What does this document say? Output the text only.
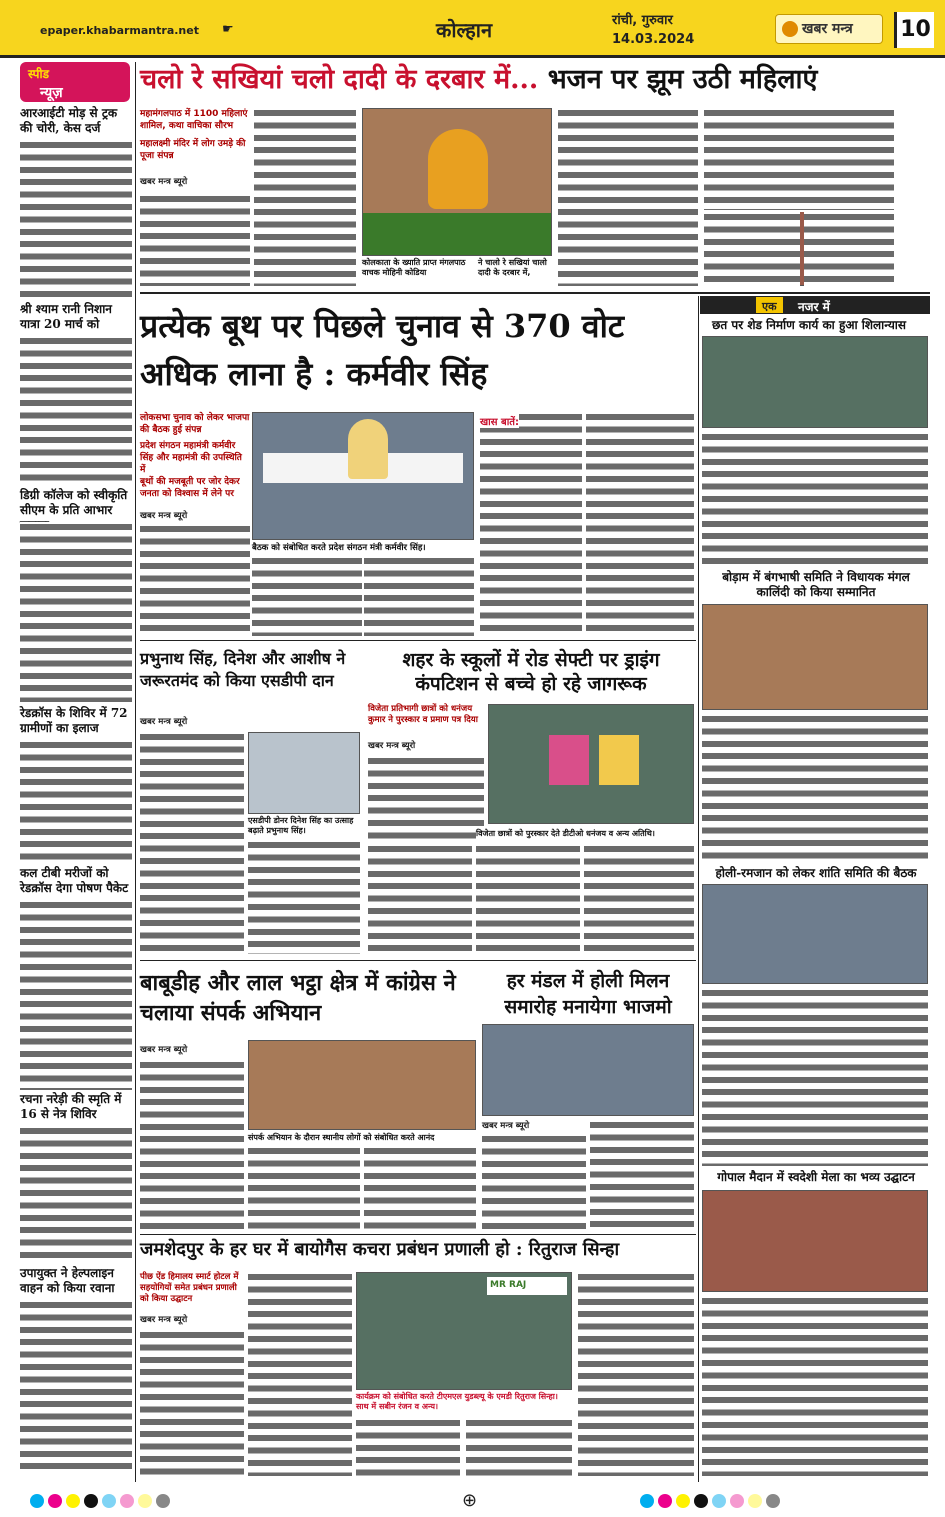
epaper.khabarmantra.net ☛	कोल्हान	रांची, गुरुवार
14.03.2024
खबर मन्त्र	10
स्पीड
न्यूज़
आरआईटी मोड़ से ट्रक की चोरी, केस दर्ज
श्री श्याम रानी निशान यात्रा 20 मार्च को
डिग्री कॉलेज को स्वीकृति सीएम के प्रति आभार
रेडक्रॉस के शिविर में 72 ग्रामीणों का इलाज
कल टीबी मरीजों को रेडक्रॉस देगा पोषण पैकेट
रचना नरेड़ी की स्मृति में 16 से नेत्र शिविर
उपायुक्त ने हेल्पलाइन वाहन को किया रवाना
चलो रे सखियां चलो दादी के दरबार में... भजन पर झूम उठी महिलाएं
महामंगलपाठ में 1100 महिलाएं शामिल, कथा वाचिका सौरभ
महालक्ष्मी मंदिर में लोग उमड़े की पूजा संपन्न
खबर मन्त्र ब्यूरो
कोलकाता के ख्याति प्राप्त मंगलपाठ वाचक मोहिनी कोडिया
ने चालो रे सखियां चालो दादी के दरबार में,
प्रत्येक बूथ पर पिछले चुनाव से 370 वोट अधिक लाना है : कर्मवीर सिंह
लोकसभा चुनाव को लेकर भाजपा की बैठक हुई संपन्न
प्रदेश संगठन महामंत्री कर्मवीर सिंह और महामंत्री की उपस्थिति में
बूथों की मजबूती पर जोर देकर जनता को विश्वास में लेने पर
खबर मन्त्र ब्यूरो
बैठक को संबोधित करते प्रदेश संगठन मंत्री कर्मवीर सिंह।
खास बातें:
एक	नजर में
छत पर शेड निर्माण कार्य का हुआ शिलान्यास
बोड़ाम में बंगभाषी समिति ने विधायक मंगल कालिंदी को किया सम्मानित
होली-रमजान को लेकर शांति समिति की बैठक
गोपाल मैदान में स्वदेशी मेला का भव्य उद्घाटन
प्रभुनाथ सिंह, दिनेश और आशीष ने जरूरतमंद को किया एसडीपी दान
खबर मन्त्र ब्यूरो
एसडीपी डोनर दिनेश सिंह का उत्साह बढ़ाते प्रभुनाथ सिंह।
शहर के स्कूलों में रोड सेफ्टी पर ड्राइंग कंपटिशन से बच्चे हो रहे जागरूक
विजेता प्रतिभागी छात्रों को धनंजय कुमार ने पुरस्कार व प्रमाण पत्र दिया
खबर मन्त्र ब्यूरो
विजेता छात्रों को पुरस्कार देते डीटीओ धनंजय व अन्य अतिथि।
बाबूडीह और लाल भट्ठा क्षेत्र में कांग्रेस ने चलाया संपर्क अभियान
खबर मन्त्र ब्यूरो
संपर्क अभियान के दौरान स्थानीय लोगों को संबोधित करते आनंद
हर मंडल में होली मिलन समारोह मनायेगा भाजमो
खबर मन्त्र ब्यूरो
जमशेदपुर के हर घर में बायोगैस कचरा प्रबंधन प्रणाली हो : रितुराज सिन्हा
पीछ ऐंड हिमालय स्मार्ट होटल में सहयोगियों समेत प्रबंधन प्रणाली को किया उद्घाटन
खबर मन्त्र ब्यूरो
MR RAJ
कार्यक्रम को संबोधित करते टीएमएल युडब्ल्यू के एमडी रितुराज सिन्हा। साथ में सबीन रंजन व अन्य।
⊕
